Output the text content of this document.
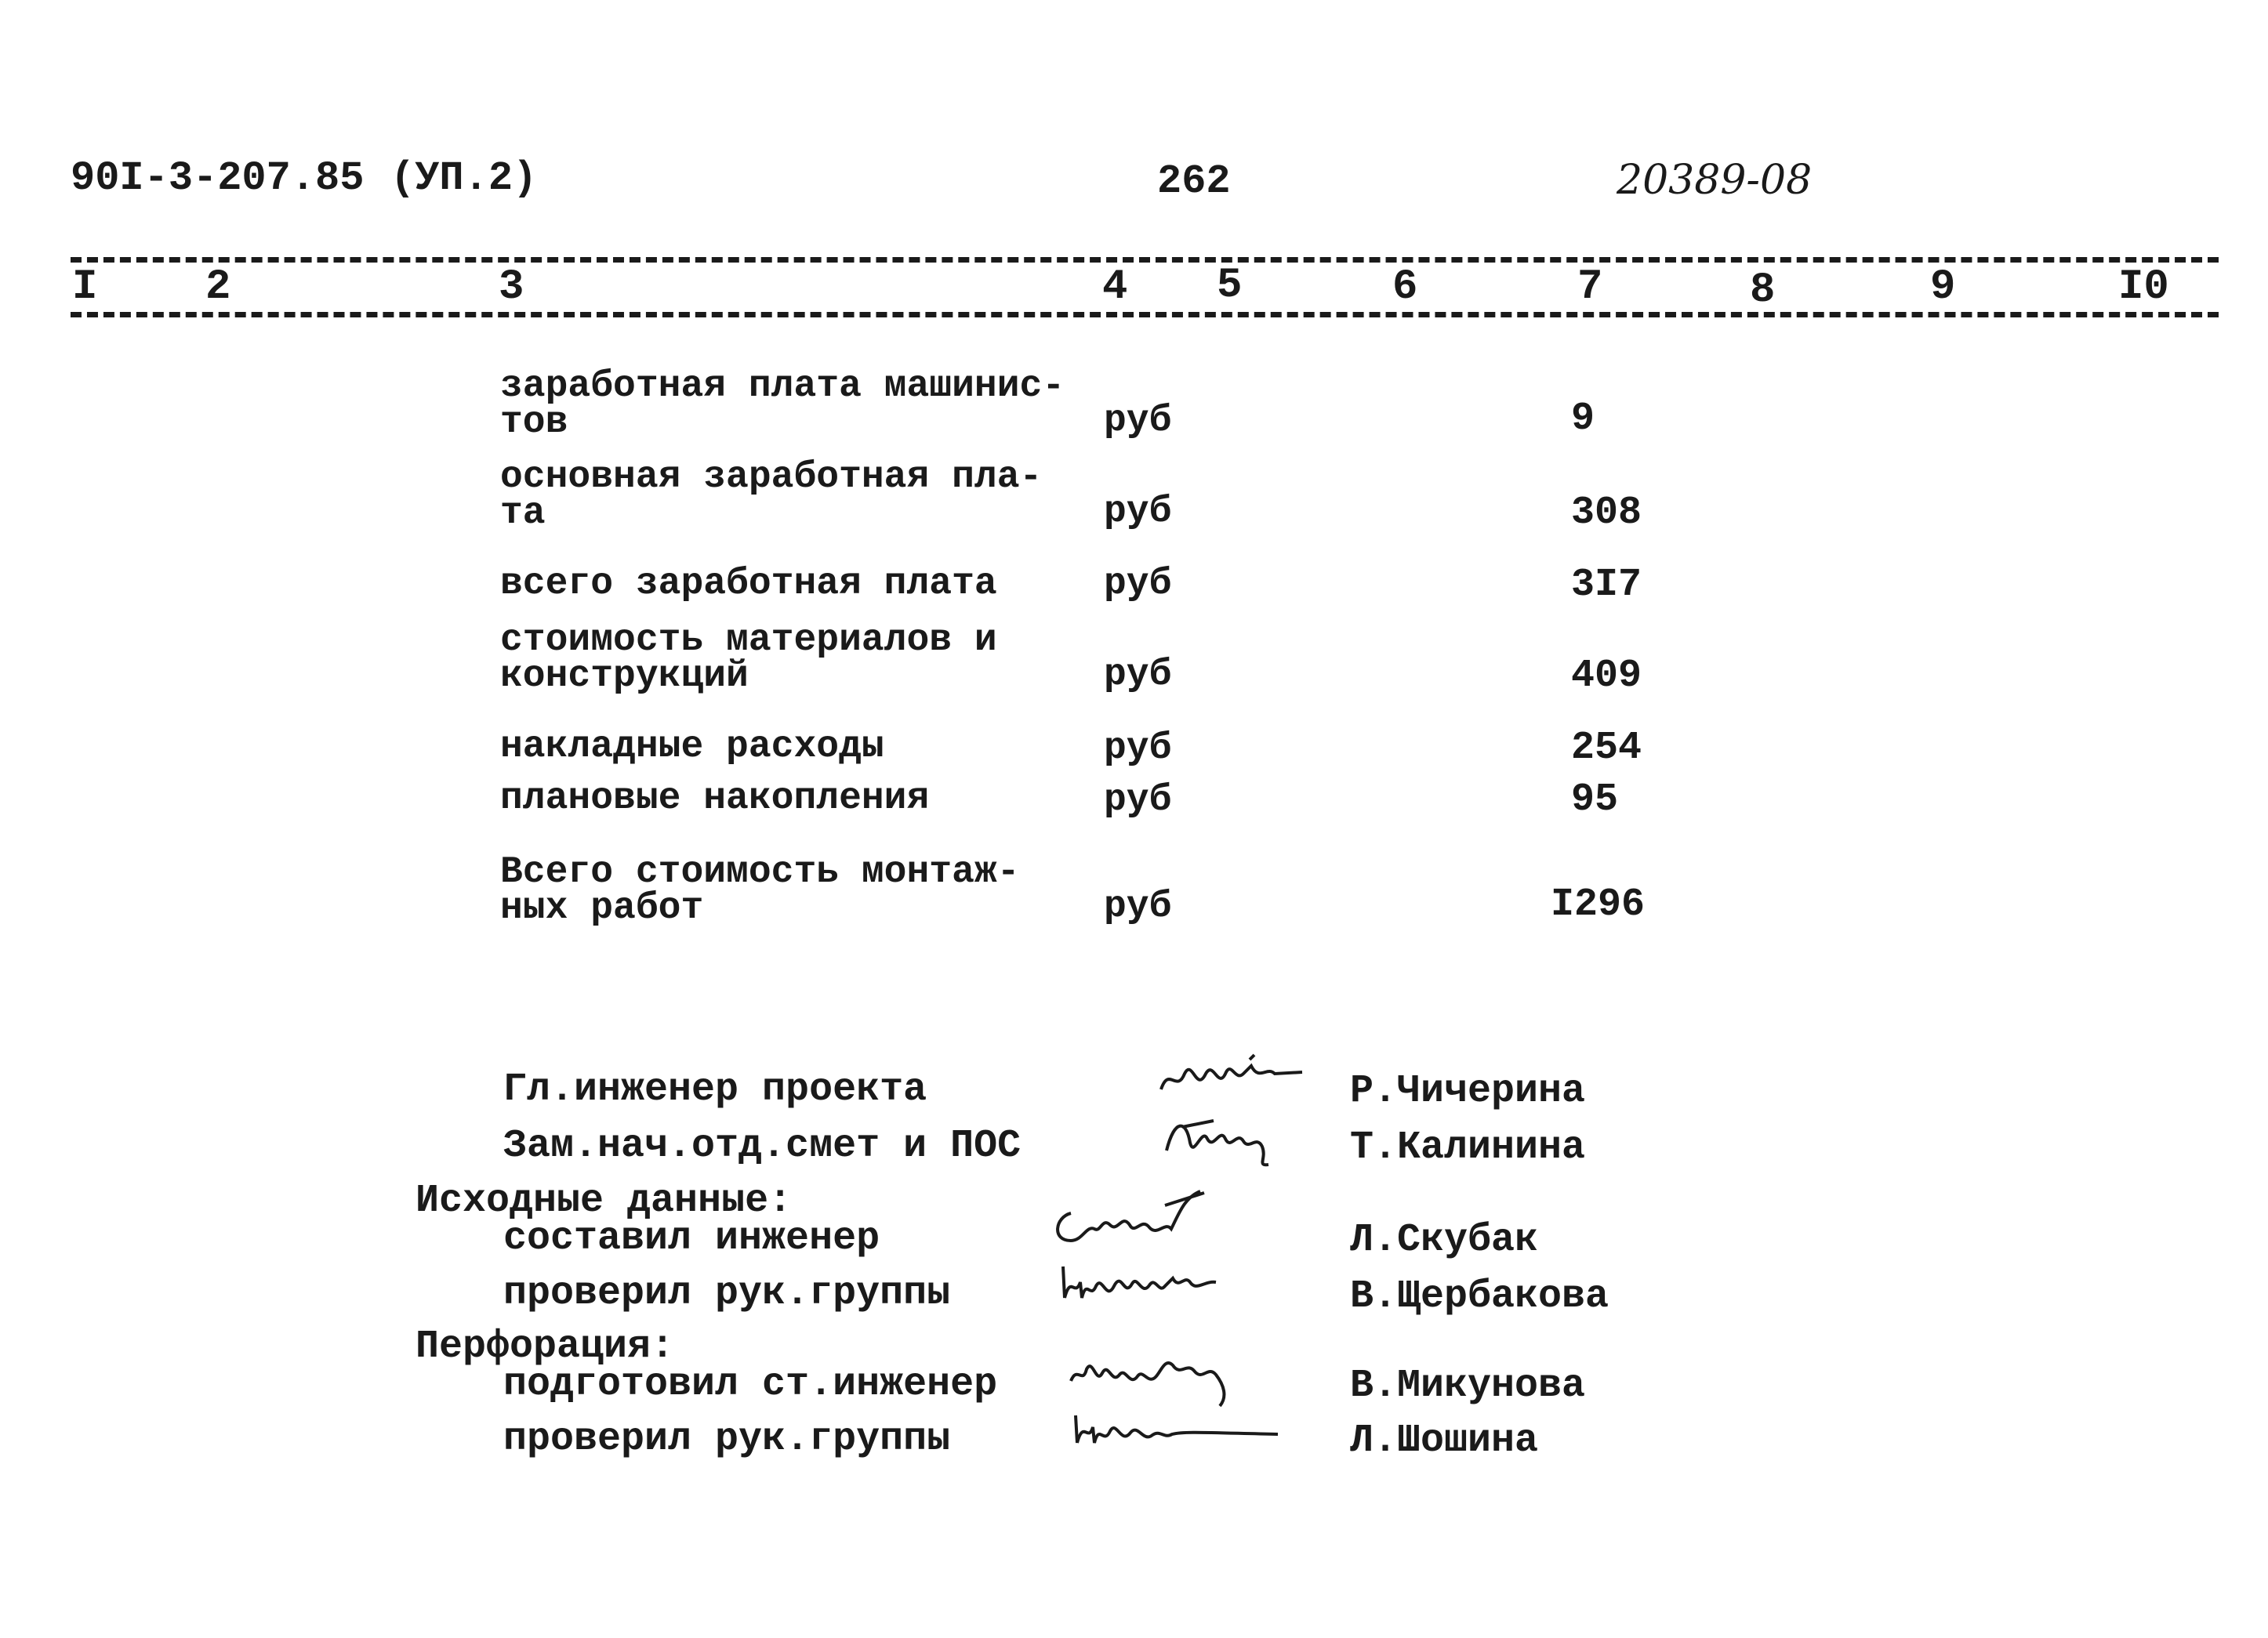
90I-3-207.85 (УП.2)	262	20389-08
I	2	3	4 5	6	7	8	9	I0
заработная плата машинис-
тов	руб	9
основная заработная пла-
та	руб	308
всего заработная плата	руб	3I7
стоимость материалов и
конструкций	руб	409
накладные расходы	руб	254
плановые накопления	руб	95
Всего стоимость монтаж-
ных работ	руб	I296
Гл.инженер проекта	Р.Чичерина
Зам.нач.отд.смет и ПОС	Т.Калинина
Исходные данные:
составил инженер	Л.Скубак
проверил рук.группы	В.Щербакова
Перфорация:
подготовил ст.инженер	В.Микунова
проверил рук.группы	Л.Шошина
